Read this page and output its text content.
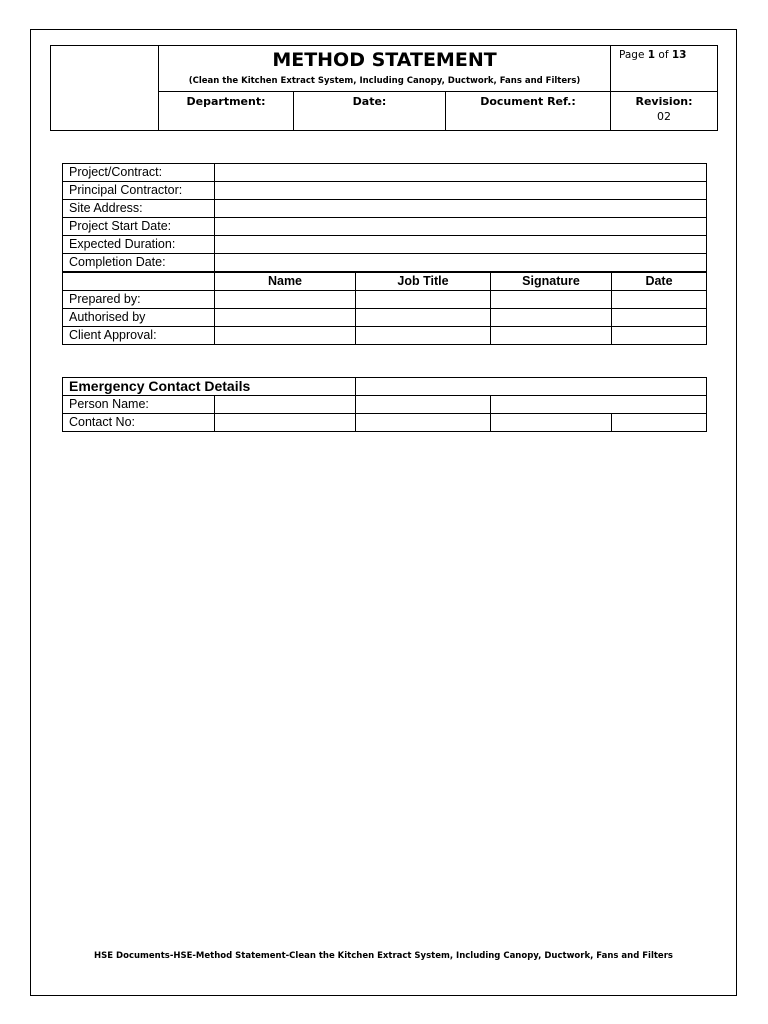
	METHOD STATEMENT
(Clean the Kitchen Extract System, Including Canopy, Ductwork, Fans and Filters)			Page 1 of 13
	Department:	Date:	Document Ref.:	Revision:
02
Project/Contract:				
Principal Contractor:				
Site Address:				
Project Start Date:				
Expected Duration:				
Completion Date:				
	Name	Job Title	Signature	Date
Prepared by:				
Authorised by				
Client Approval:				
Emergency Contact Details				
Person Name:				
Contact No:				
HSE Documents-HSE-Method Statement-Clean the Kitchen Extract System, Including Canopy, Ductwork, Fans and Filters
